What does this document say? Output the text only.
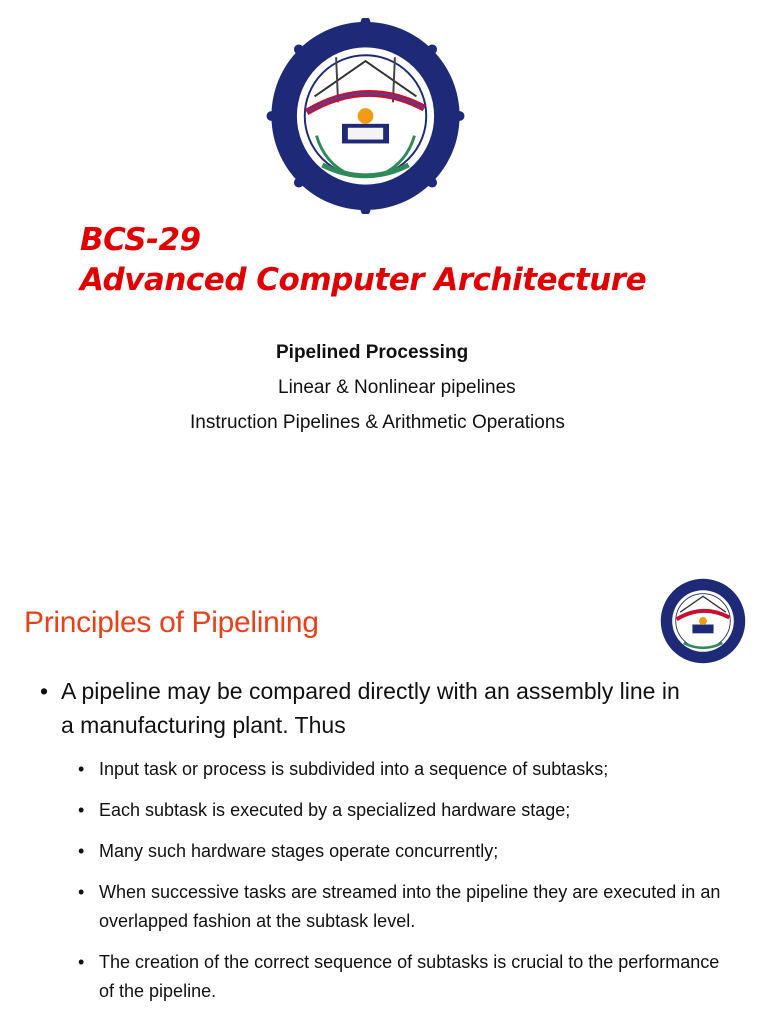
BCS-29
Advanced Computer Architecture
Pipelined Processing
Linear & Nonlinear pipelines
Instruction Pipelines & Arithmetic Operations
Principles of Pipelining
• A pipeline may be compared directly with an assembly line in a manufacturing plant. Thus
• Input task or process is subdivided into a sequence of subtasks;
• Each subtask is executed by a specialized hardware stage;
• Many such hardware stages operate concurrently;
• When successive tasks are streamed into the pipeline they are executed in an overlapped fashion at the subtask level.
• The creation of the correct sequence of subtasks is crucial to the performance of the pipeline.
